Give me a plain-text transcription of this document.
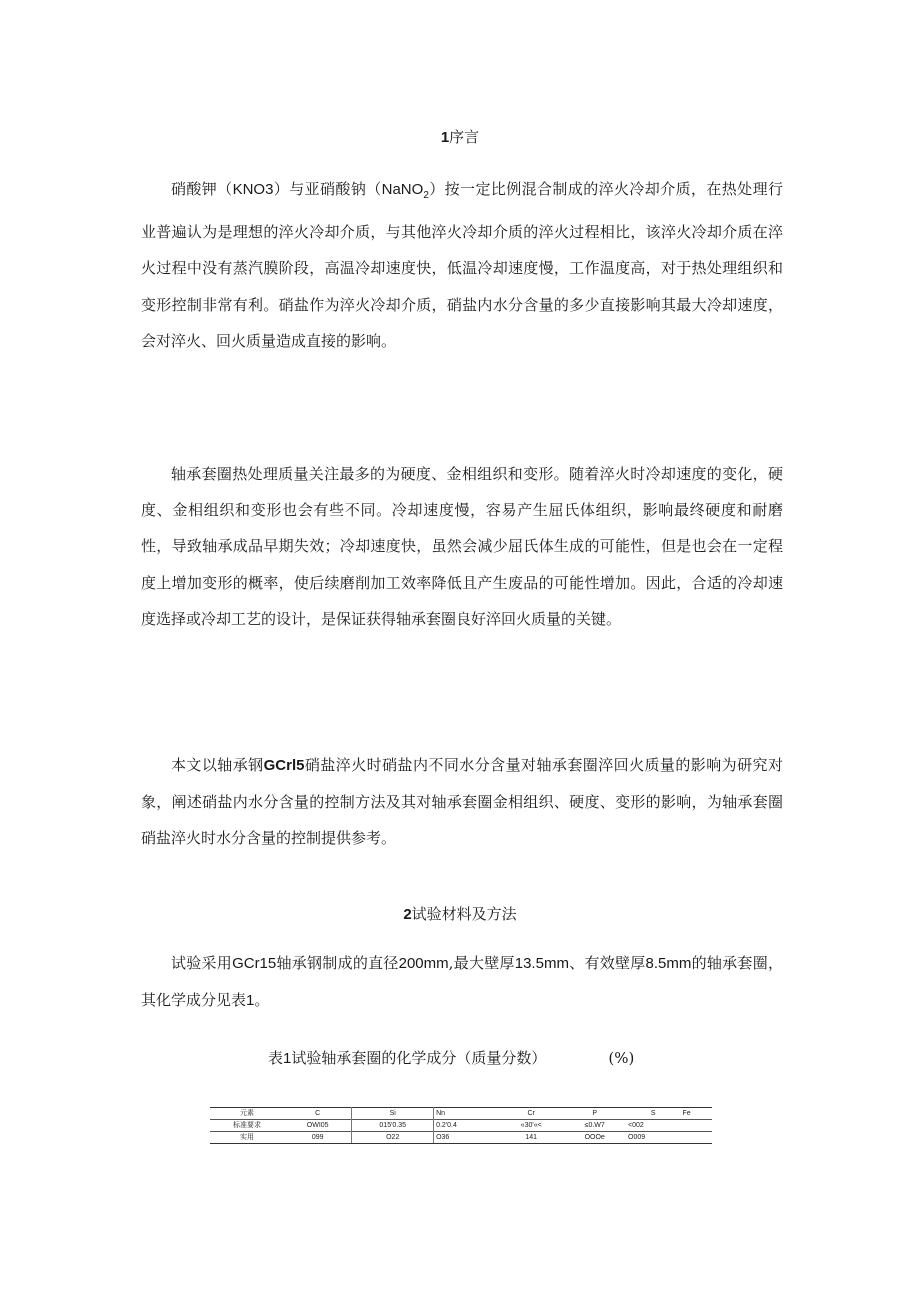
1序言

硝酸钾（KNO3）与亚硝酸钠（NaNO$_2$）按一定比例混合制成的淬火冷却介质，在热处理行业普遍认为是理想的淬火冷却介质，与其他淬火冷却介质的淬火过程相比，该淬火冷却介质在淬火过程中没有蒸汽膜阶段，高温冷却速度快，低温冷却速度慢，工作温度高，对于热处理组织和变形控制非常有利。硝盐作为淬火冷却介质，硝盐内水分含量的多少直接影响其最大冷却速度，会对淬火、回火质量造成直接的影响。

轴承套圈热处理质量关注最多的为硬度、金相组织和变形。随着淬火时冷却速度的变化，硬度、金相组织和变形也会有些不同。冷却速度慢，容易产生屈氏体组织，影响最终硬度和耐磨性，导致轴承成品早期失效；冷却速度快，虽然会减少屈氏体生成的可能性，但是也会在一定程度上增加变形的概率，使后续磨削加工效率降低且产生废品的可能性增加。因此，合适的冷却速度选择或冷却工艺的设计，是保证获得轴承套圈良好淬回火质量的关键。

本文以轴承钢GCrl5硝盐淬火时硝盐内不同水分含量对轴承套圈淬回火质量的影响为研究对象，阐述硝盐内水分含量的控制方法及其对轴承套圈金相组织、硬度、变形的影响，为轴承套圈硝盐淬火时水分含量的控制提供参考。

2试验材料及方法

试验采用GCr15轴承钢制成的直径200mm,最大壁厚13.5mm、有效壁厚8.5mm的轴承套圈，其化学成分见表1。

表1试验轴承套圈的化学成分（质量分数）	(%)
元素	C	Si	Nn	Cr	P	S	Fe
标准要求	OWI05	015'0.35	0.2'0.4	«30'«<	≤0.W7	<002	
实用	099	O22	O36	141	OOOe	O009	
